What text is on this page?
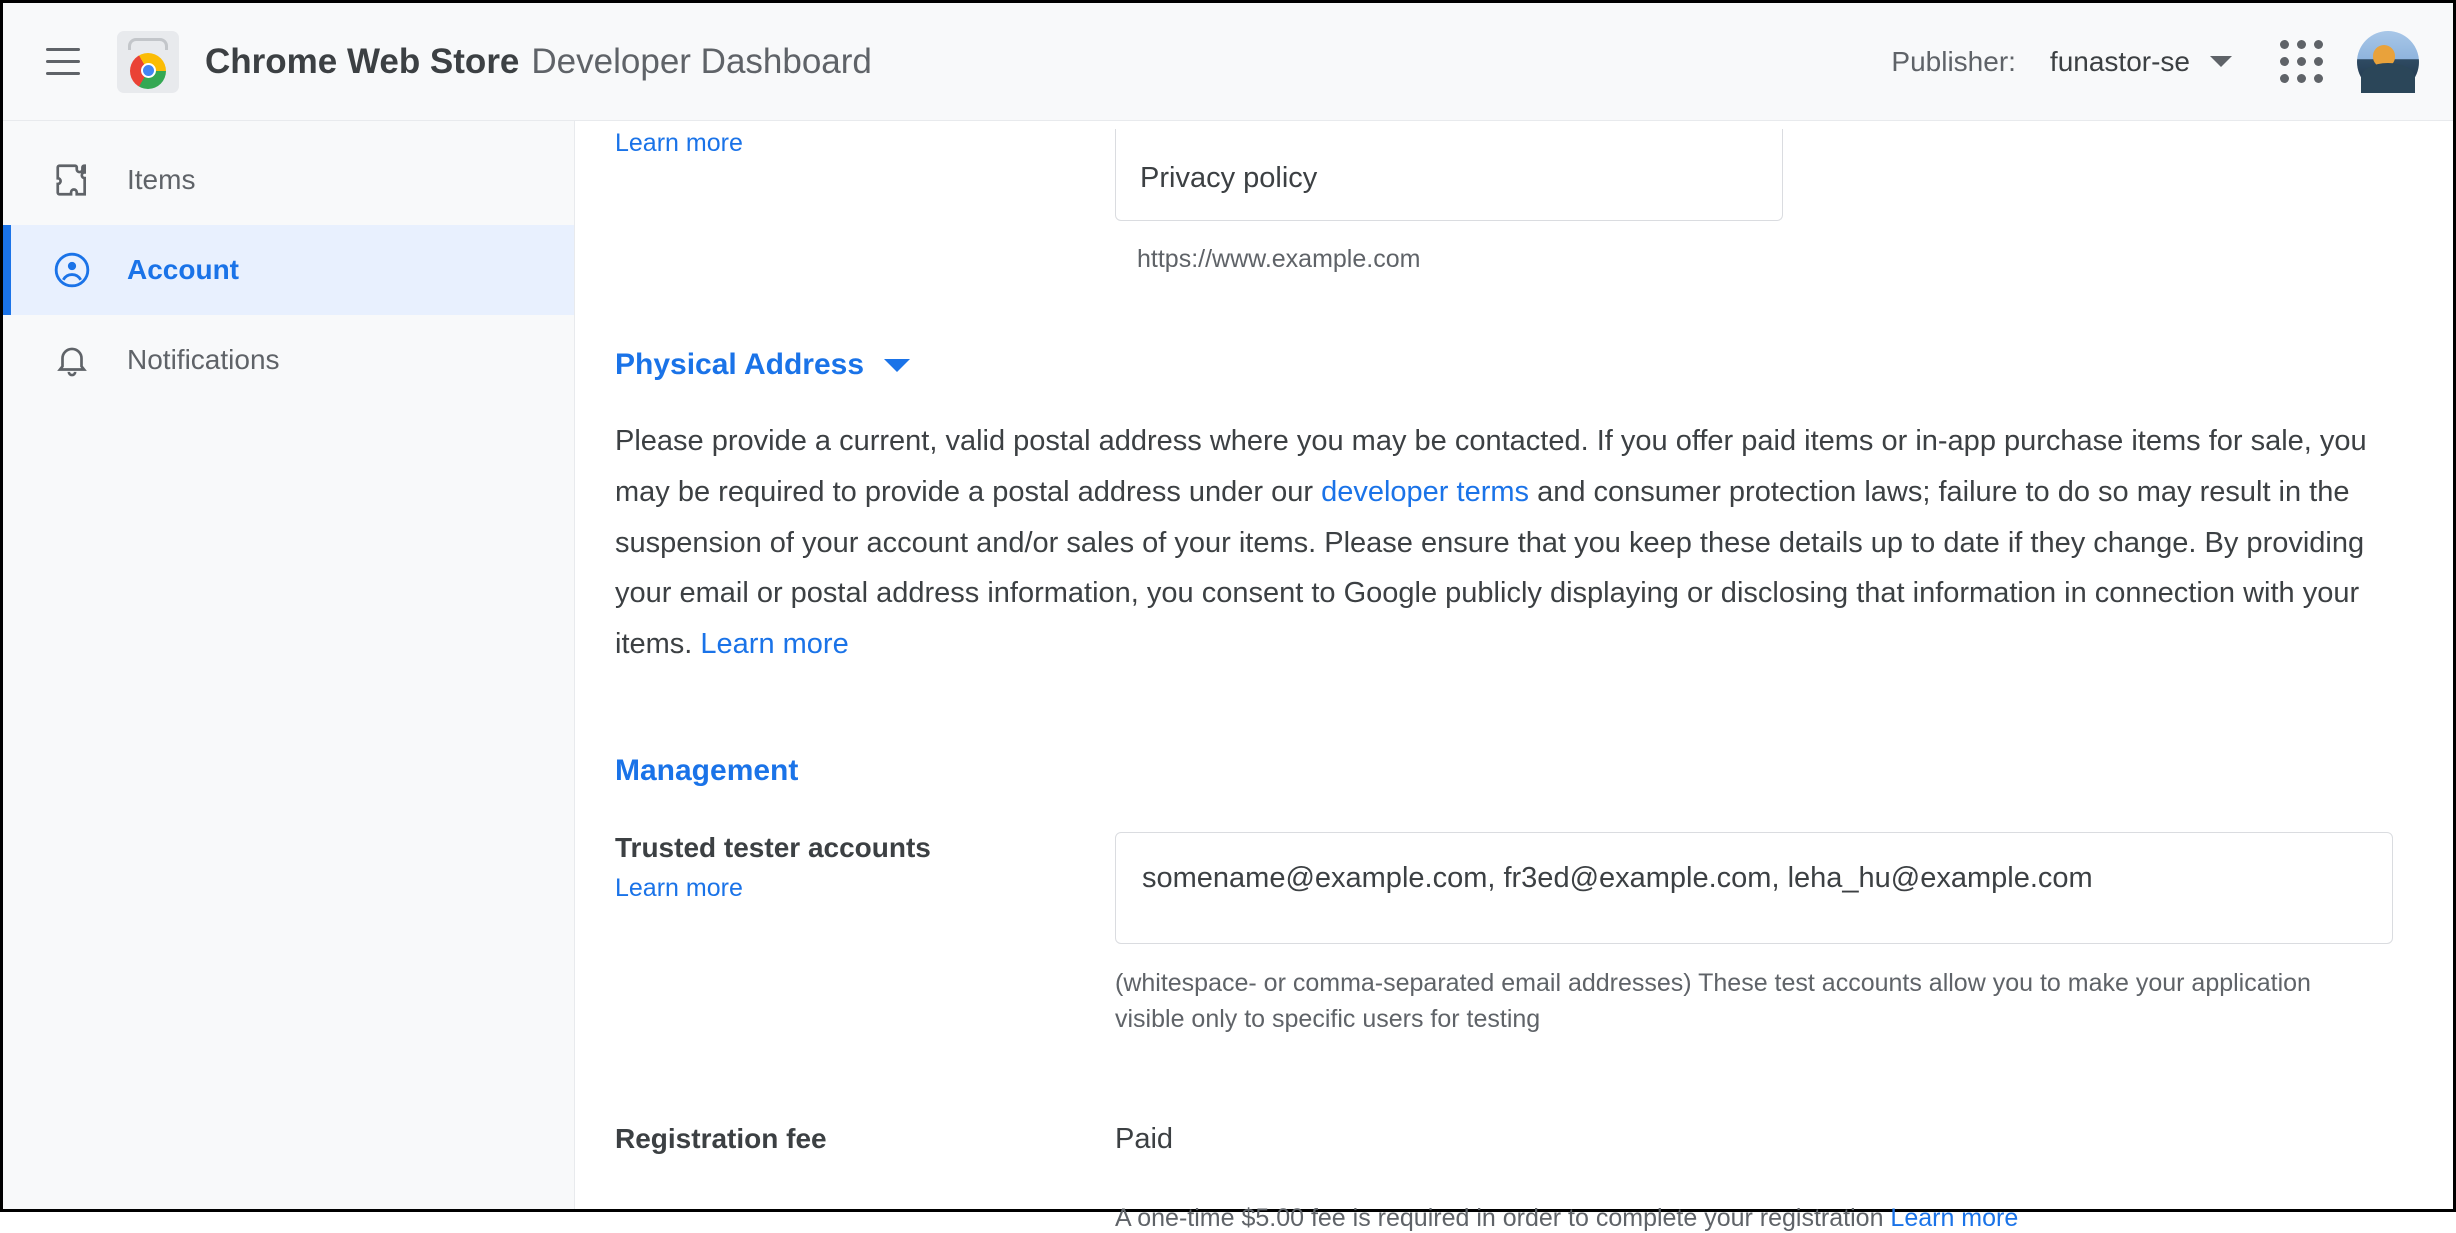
Chrome Web Store Developer Dashboard	Publisher: funastor-se
Items
Account
Notifications
Learn more
Privacy policy
https://www.example.com
Physical Address
Please provide a current, valid postal address where you may be contacted. If you offer paid items or in-app purchase items for sale, you may be required to provide a postal address under our developer terms and consumer protection laws; failure to do so may result in the suspension of your account and/or sales of your items. Please ensure that you keep these details up to date if they change. By providing your email or postal address information, you consent to Google publicly displaying or disclosing that information in connection with your items. Learn more
Management
Trusted tester accounts
Learn more
somename@example.com, fr3ed@example.com, leha_hu@example.com
(whitespace- or comma-separated email addresses) These test accounts allow you to make your application visible only to specific users for testing
Registration fee	Paid
A one-time $5.00 fee is required in order to complete your registration Learn more
